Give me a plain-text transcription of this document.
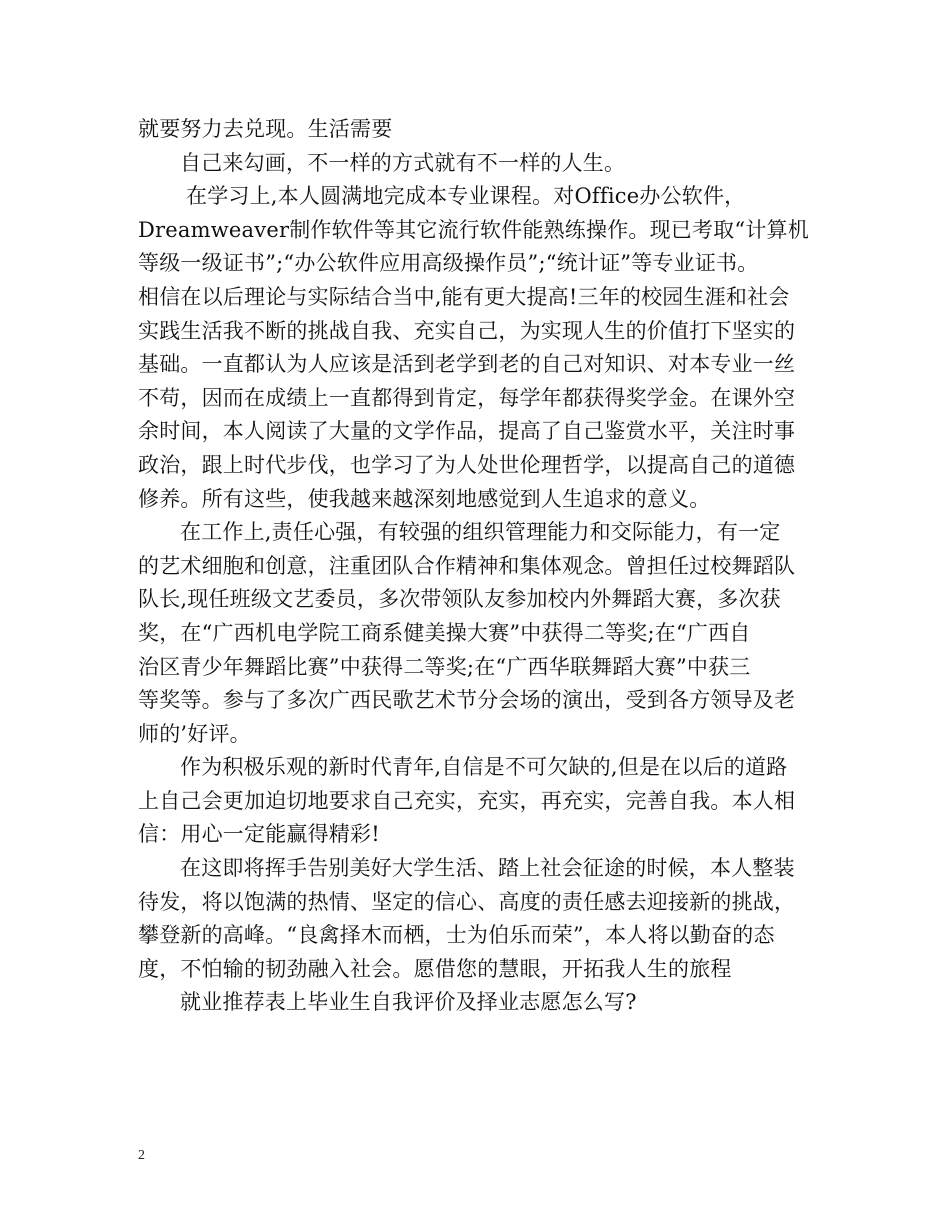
就要努力去兑现。生活需要
自己来勾画，不一样的方式就有不一样的人生。
在学习上,本人圆满地完成本专业课程。对Office办公软件，
Dreamweaver制作软件等其它流行软件能熟练操作。现已考取“计算机
等级一级证书”;“办公软件应用高级操作员”;“统计证”等专业证书。
相信在以后理论与实际结合当中,能有更大提高!三年的校园生涯和社会
实践生活我不断的挑战自我、充实自己，为实现人生的价值打下坚实的
基础。一直都认为人应该是活到老学到老的自己对知识、对本专业一丝
不苟，因而在成绩上一直都得到肯定，每学年都获得奖学金。在课外空
余时间，本人阅读了大量的文学作品，提高了自己鉴赏水平，关注时事
政治，跟上时代步伐，也学习了为人处世伦理哲学，以提高自己的道德
修养。所有这些，使我越来越深刻地感觉到人生追求的意义。
在工作上,责任心强，有较强的组织管理能力和交际能力，有一定
的艺术细胞和创意，注重团队合作精神和集体观念。曾担任过校舞蹈队
队长,现任班级文艺委员，多次带领队友参加校内外舞蹈大赛，多次获
奖，在“广西机电学院工商系健美操大赛”中获得二等奖;在“广西自
治区青少年舞蹈比赛”中获得二等奖;在“广西华联舞蹈大赛”中获三
等奖等。参与了多次广西民歌艺术节分会场的演出，受到各方领导及老
师的’好评。
作为积极乐观的新时代青年,自信是不可欠缺的,但是在以后的道路
上自己会更加迫切地要求自己充实，充实，再充实，完善自我。本人相
信：用心一定能赢得精彩!
在这即将挥手告别美好大学生活、踏上社会征途的时候，本人整装
待发，将以饱满的热情、坚定的信心、高度的责任感去迎接新的挑战，
攀登新的高峰。“良禽择木而栖，士为伯乐而荣”，本人将以勤奋的态
度，不怕输的韧劲融入社会。愿借您的慧眼，开拓我人生的旅程
就业推荐表上毕业生自我评价及择业志愿怎么写?
2
